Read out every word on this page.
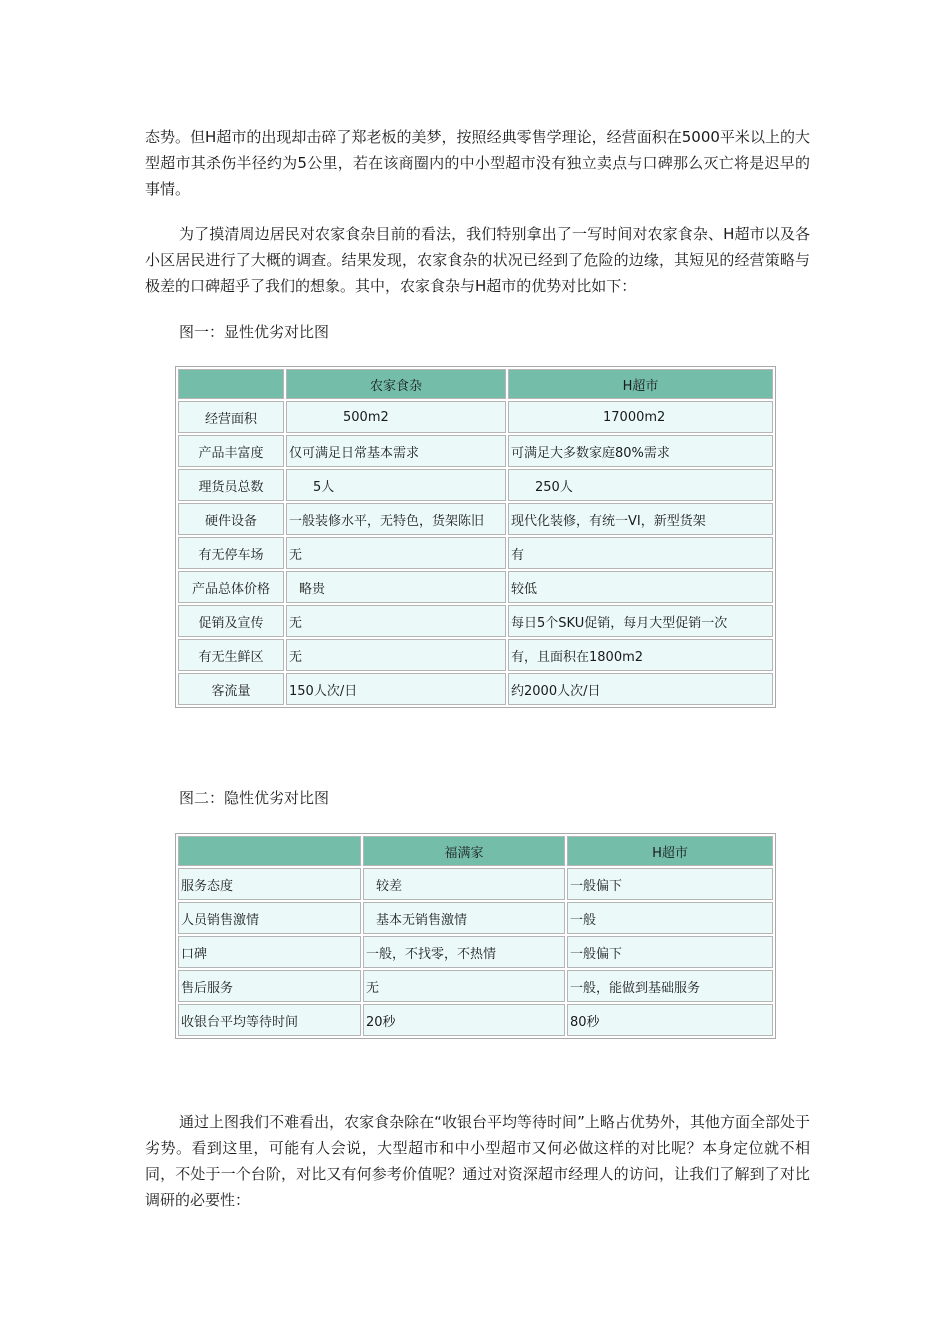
态势。但H超市的出现却击碎了郑老板的美梦，按照经典零售学理论，经营面积在5000平米以上的大型超市其杀伤半径约为5公里，若在该商圈内的中小型超市没有独立卖点与口碑那么灭亡将是迟早的事情。

为了摸清周边居民对农家食杂目前的看法，我们特别拿出了一写时间对农家食杂、H超市以及各小区居民进行了大概的调查。结果发现，农家食杂的状况已经到了危险的边缘，其短见的经营策略与极差的口碑超乎了我们的想象。其中，农家食杂与H超市的优势对比如下：

图一：显性优劣对比图

	农家食杂	H超市
经营面积	500m2	17000m2
产品丰富度	仅可满足日常基本需求	可满足大多数家庭80%需求
理货员总数	5人	250人
硬件设备	一般装修水平，无特色，货架陈旧	现代化装修，有统一VI，新型货架
有无停车场	无	有
产品总体价格	略贵	较低
促销及宣传	无	每日5个SKU促销，每月大型促销一次
有无生鲜区	无	有，且面积在1800m2
客流量	150人次/日	约2000人次/日

图二：隐性优劣对比图

	福满家	H超市
服务态度	较差	一般偏下
人员销售激情	基本无销售激情	一般
口碑	一般，不找零，不热情	一般偏下
售后服务	无	一般，能做到基础服务
收银台平均等待时间	20秒	80秒

通过上图我们不难看出，农家食杂除在“收银台平均等待时间”上略占优势外，其他方面全部处于劣势。看到这里，可能有人会说，大型超市和中小型超市又何必做这样的对比呢？本身定位就不相同，不处于一个台阶，对比又有何参考价值呢？通过对资深超市经理人的访问，让我们了解到了对比调研的必要性：
